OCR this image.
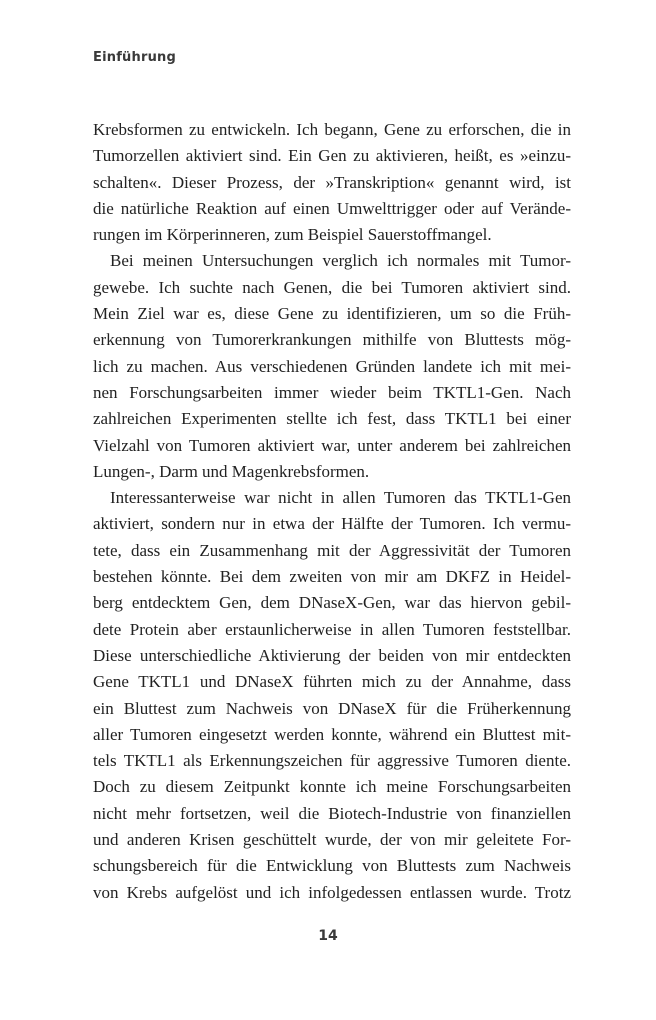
Einführung
Krebsformen zu entwickeln. Ich begann, Gene zu erforschen, die in
Tumorzellen aktiviert sind. Ein Gen zu aktivieren, heißt, es »einzu-
schalten«. Dieser Prozess, der »Transkription« genannt wird, ist
die natürliche Reaktion auf einen Umwelttrigger oder auf Verände-
rungen im Körperinneren, zum Beispiel Sauerstoffmangel.
Bei meinen Untersuchungen verglich ich normales mit Tumor-
gewebe. Ich suchte nach Genen, die bei Tumoren aktiviert sind.
Mein Ziel war es, diese Gene zu identifizieren, um so die Früh-
erkennung von Tumorerkrankungen mithilfe von Bluttests mög-
lich zu machen. Aus verschiedenen Gründen landete ich mit mei-
nen Forschungsarbeiten immer wieder beim TKTL1-Gen. Nach
zahlreichen Experimenten stellte ich fest, dass TKTL1 bei einer
Vielzahl von Tumoren aktiviert war, unter anderem bei zahlreichen
Lungen-, Darm und Magenkrebsformen.
Interessanterweise war nicht in allen Tumoren das TKTL1-Gen
aktiviert, sondern nur in etwa der Hälfte der Tumoren. Ich vermu-
tete, dass ein Zusammenhang mit der Aggressivität der Tumoren
bestehen könnte. Bei dem zweiten von mir am DKFZ in Heidel-
berg entdecktem Gen, dem DNaseX-Gen, war das hiervon gebil-
dete Protein aber erstaunlicherweise in allen Tumoren feststellbar.
Diese unterschiedliche Aktivierung der beiden von mir entdeckten
Gene TKTL1 und DNaseX führten mich zu der Annahme, dass
ein Bluttest zum Nachweis von DNaseX für die Früherkennung
aller Tumoren eingesetzt werden konnte, während ein Bluttest mit-
tels TKTL1 als Erkennungszeichen für aggressive Tumoren diente.
Doch zu diesem Zeitpunkt konnte ich meine Forschungsarbeiten
nicht mehr fortsetzen, weil die Biotech-Industrie von finanziellen
und anderen Krisen geschüttelt wurde, der von mir geleitete For-
schungsbereich für die Entwicklung von Bluttests zum Nachweis
von Krebs aufgelöst und ich infolgedessen entlassen wurde. Trotz
14
